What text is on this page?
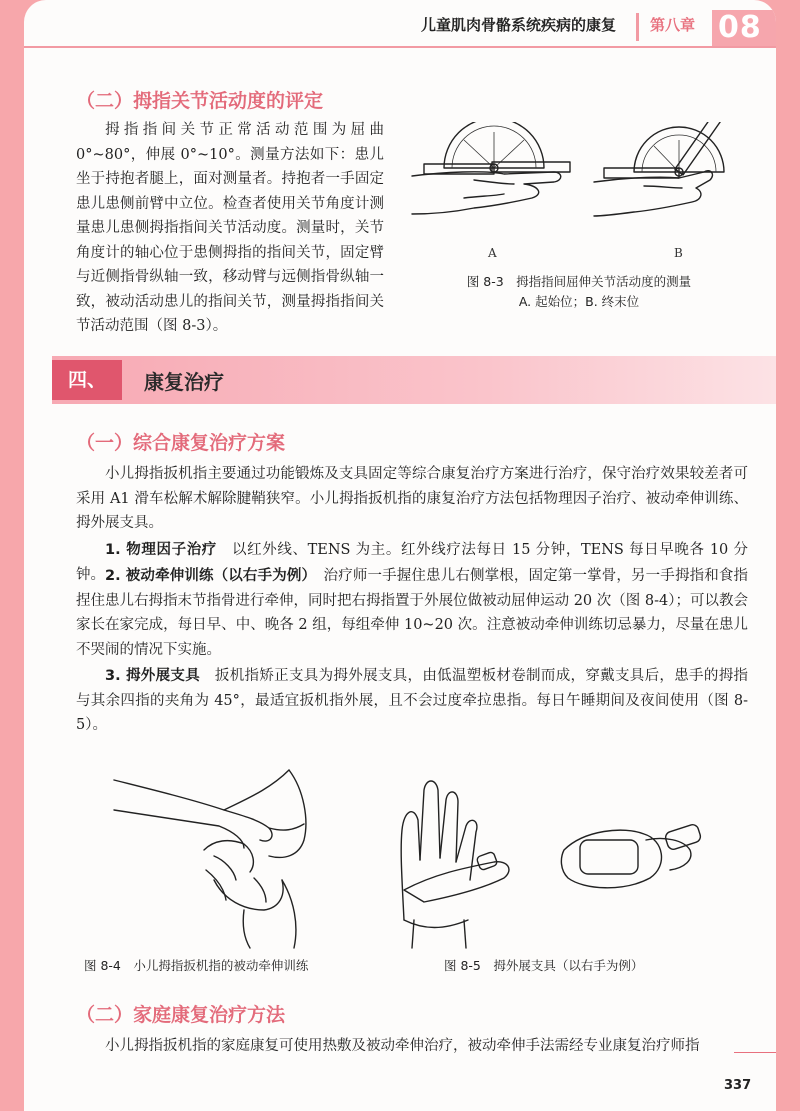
儿童肌肉骨骼系统疾病的康复 第八章 08
（二）拇指关节活动度的评定

拇指指间关节正常活动范围为屈曲 0°~80°，伸展 0°~10°。测量方法如下：患儿坐于持抱者腿上，面对测量者。持抱者一手固定患儿患侧前臂中立位。检查者使用关节角度计测量患儿患侧拇指指间关节活动度。测量时，关节角度计的轴心位于患侧拇指的指间关节，固定臂与近侧指骨纵轴一致，移动臂与远侧指骨纵轴一致，被动活动患儿的指间关节，测量拇指指间关节活动范围（图 8-3）。

A	B
图 8-3　拇指指间屈伸关节活动度的测量
A. 起始位；B. 终末位
四、	康复治疗
（一）综合康复治疗方案

小儿拇指扳机指主要通过功能锻炼及支具固定等综合康复治疗方案进行治疗，保守治疗效果较差者可采用 A1 滑车松解术解除腱鞘狭窄。小儿拇指扳机指的康复治疗方法包括物理因子治疗、被动牵伸训练、拇外展支具。

1. 物理因子治疗　 以红外线、TENS 为主。红外线疗法每日 15 分钟，TENS 每日早晚各 10 分钟。 2. 被动牵伸训练（以右手为例）　 治疗师一手握住患儿右侧掌根，固定第一掌骨，另一手拇指和食指捏住患儿右拇指末节指骨进行牵伸，同时把右拇指置于外展位做被动屈伸运动 20 次（图 8-4）；可以教会家长在家完成，每日早、中、晚各 2 组，每组牵伸 10~20 次。注意被动牵伸训练切忌暴力，尽量在患儿不哭闹的情况下实施。

3. 拇外展支具　 扳机指矫正支具为拇外展支具，由低温塑板材卷制而成，穿戴支具后，患手的拇指与其余四指的夹角为 45°，最适宜扳机指外展，且不会过度牵拉患指。每日午睡期间及夜间使用（图 8-5）。

图 8-4　小儿拇指扳机指的被动牵伸训练	图 8-5　拇外展支具（以右手为例）
（二）家庭康复治疗方法

小儿拇指扳机指的家庭康复可使用热敷及被动牵伸治疗，被动牵伸手法需经专业康复治疗师指

337
